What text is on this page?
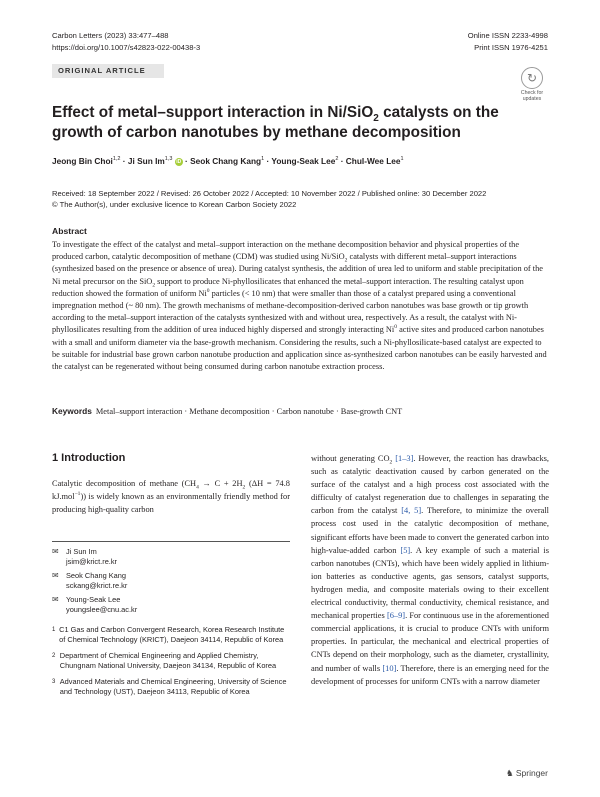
Carbon Letters (2023) 33:477–488
https://doi.org/10.1007/s42823-022-00438-3
Online ISSN 2233-4998
Print ISSN 1976-4251
ORIGINAL ARTICLE
↻
Check for updates
Effect of metal–support interaction in Ni/SiO$_2$ catalysts on the growth of carbon nanotubes by methane decomposition
Jeong Bin Choi$^{1,2}$ · Ji Sun Im$^{1,3}$ iD · Seok Chang Kang$^1$ · Young-Seak Lee$^2$ · Chul-Wee Lee$^1$
Received: 18 September 2022 / Revised: 26 October 2022 / Accepted: 10 November 2022 / Published online: 30 December 2022
© The Author(s), under exclusive licence to Korean Carbon Society 2022
Abstract
To investigate the effect of the catalyst and metal–support interaction on the methane decomposition behavior and physical properties of the produced carbon, catalytic decomposition of methane (CDM) was studied using Ni/SiO$_2$ catalysts with different metal–support interactions (synthesized based on the presence or absence of urea). During catalyst synthesis, the addition of urea led to uniform and stable precipitation of the Ni metal precursor on the SiO$_2$ support to produce Ni-phyllosilicates that enhanced the metal–support interaction. The resulting catalyst upon reduction showed the formation of uniform Ni$^0$ particles (< 10 nm) that were smaller than those of a catalyst prepared using a conventional impregnation method (~ 80 nm). The growth mechanisms of methane-decomposition-derived carbon nanotubes was base growth or tip growth according to the metal–support interaction of the catalysts synthesized with and without urea, respectively. As a result, the catalyst with Ni-phyllosilicates resulting from the addition of urea induced highly dispersed and strongly interacting Ni$^0$ active sites and produced carbon nanotubes with a small and uniform diameter via the base-growth mechanism. Considering the results, such a Ni-phyllosilicate-based catalyst are expected to be suitable for industrial base grown carbon nanotube production and application since as-synthesized carbon nanotubes can be easily harvested and the catalyst can be regenerated without being consumed during carbon nanotube extraction process.
Keywords Metal–support interaction · Methane decomposition · Carbon nanotube · Base-growth CNT
1 Introduction
Catalytic decomposition of methane ($CH_4 \to C + 2H_2$ (ΔH = 74.8 kJ.mol$^{-1}$)) is widely known as an environmentally friendly method for producing high-quality carbon
✉ Ji Sun Im
jsim@krict.re.kr
✉ Seok Chang Kang
sckang@krict.re.kr
✉ Young-Seak Lee
youngslee@cnu.ac.kr
1 C1 Gas and Carbon Convergent Research, Korea Research Institute of Chemical Technology (KRICT), Daejeon 34114, Republic of Korea
2 Department of Chemical Engineering and Applied Chemistry, Chungnam National University, Daejeon 34134, Republic of Korea
3 Advanced Materials and Chemical Engineering, University of Science and Technology (UST), Daejeon 34113, Republic of Korea
without generating $CO_2$ [1–3]. However, the reaction has drawbacks, such as catalytic deactivation caused by carbon generated on the surface of the catalyst and a high process cost associated with the difficulty of catalyst regeneration due to challenges in separating the carbon from the catalyst [4, 5]. Therefore, to minimize the overall process cost used in the catalytic decomposition of methane, significant efforts have been made to convert the generated carbon into high-value-added carbon [5]. A key example of such a material is carbon nanotubes (CNTs), which have been widely applied in lithium-ion batteries as conductive agents, gas sensors, catalyst supports, hydrogen media, and composite materials owing to their excellent electrical conductivity, thermal conductivity, chemical resistance, and mechanical properties [6–9]. For continuous use in the aforementioned commercial applications, it is crucial to produce CNTs with uniform properties. In particular, the mechanical and electrical properties of CNTs depend on their morphology, such as the diameter, crystallinity, and number of walls [10]. Therefore, there is an emerging need for the development of processes for uniform CNTs with a narrow diameter
♞ Springer
